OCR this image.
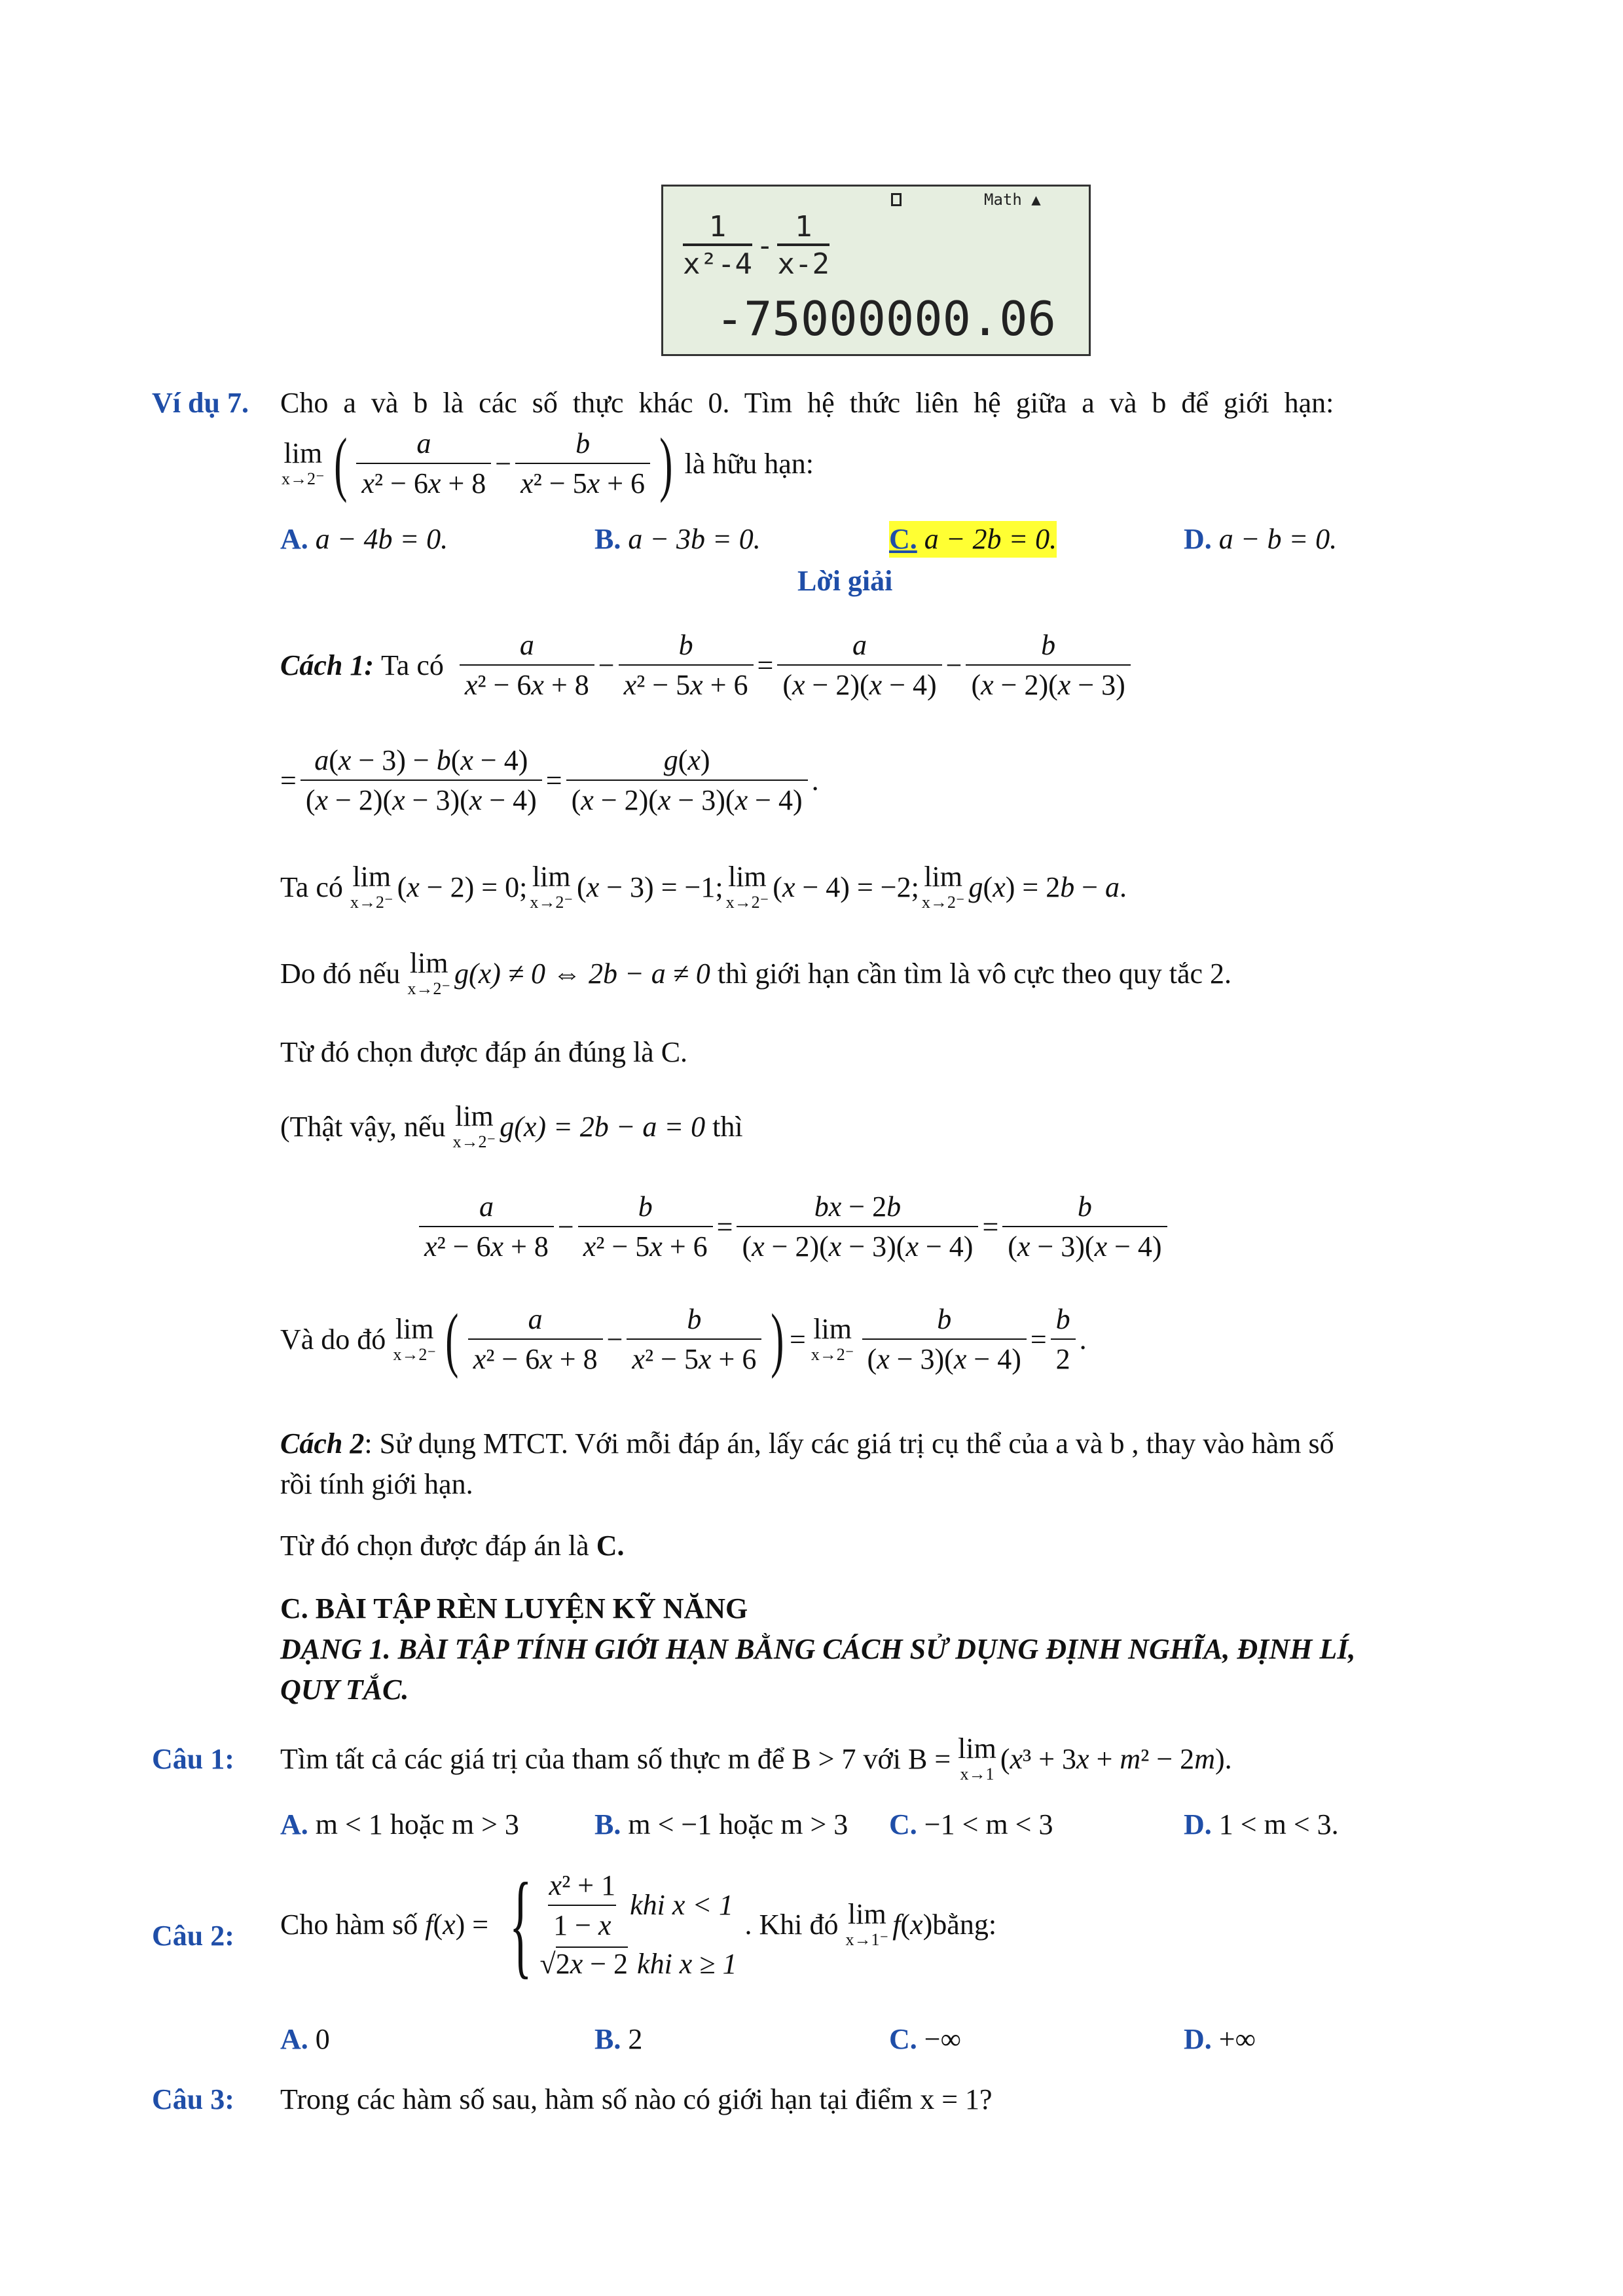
Math ▲
$\frac{1}{\text{x²-4}} - \frac{1}{x-2}$
-75000000.06
Ví dụ 7. Cho a và b là các số thực khác 0. Tìm hệ thức liên hệ giữa a và b để giới hạn:
lim
x→2⁻ ( $\frac{a}{\text{x² − 6x + 8}} - \frac{b}{\text{x² − 5x + 6}}$ ) là hữu hạn:
A. a − 4b = 0.	B. a − 3b = 0.	C. a − 2b = 0.	D. a − b = 0.
Lời giải
Cách 1:
Ta có $\frac{a}{\text{x² − 6x + 8}} - \frac{b}{\text{x² − 5x + 6}} = \frac{a}{(x - 2)(x - 4)} - \frac{b}{(x - 2)(x - 3)}$
= $\frac{a(x - 3) - b(x - 4)}{(x - 2)(x - 3)(x - 4)} = \frac{g(x)}{(x - 2)(x - 3)(x - 4)}$ .
Ta có
lim
x→2⁻ (x − 2) = 0; lim
x→2⁻ (x − 3) = −1; lim
x→2⁻ (x − 4) = −2; lim
x→2⁻ g(x) = 2b − a.
Do đó nếu
lim
x→2⁻ g(x) ≠ 0 ⇔ 2b − a ≠ 0
thì giới hạn cần tìm là vô cực theo quy tắc 2.
Từ đó chọn được đáp án đúng là C.
(Thật vậy, nếu
lim
x→2⁻ g(x) = 2b − a = 0
thì
$\frac{a}{\text{x² − 6x + 8}} - \frac{b}{\text{x² − 5x + 6}} = \frac{bx - 2b}{(x - 2)(x - 3)(x - 4)} = \frac{b}{(x - 3)(x - 4)}$
Và do đó
lim
x→2⁻ ( $\frac{a}{\text{x² − 6x + 8}} - \frac{b}{\text{x² − 5x + 6}}$ ) = lim
$x\to 2^- \frac{b}{(x - 3)(x - 4)} = \frac{b}{2}$ .
Cách 2: Sử dụng MTCT. Với mỗi đáp án, lấy các giá trị cụ thể của a và b , thay vào hàm số
rồi tính giới hạn.
Từ đó chọn được đáp án là C.
C. BÀI TẬP RÈN LUYỆN KỸ NĂNG
DẠNG 1. BÀI TẬP TÍNH GIỚI HẠN BẰNG CÁCH SỬ DỤNG ĐỊNH NGHĨA, ĐỊNH LÍ,
QUY TẮC.
Câu 1: Tìm tất cả các giá trị của tham số thực m để B > 7 với B =
lim
x→1 (x³ + 3x + m² − 2m).
A. m < 1 hoặc m > 3	B. m < −1 hoặc m > 3 C. −1 < m < 3	D. 1 < m < 3.
Câu 2: Cho hàm số
f(x) = { $\frac{\text{x² + 1}}{1 - x}$ khi x < 1
√2x − 2 khi x ≥ 1
. Khi đó
lim
x→1⁻ f(x) bằng:
A. 0	B. 2	C. −∞	D. +∞
Câu 3: Trong các hàm số sau, hàm số nào có giới hạn tại điểm x = 1?
